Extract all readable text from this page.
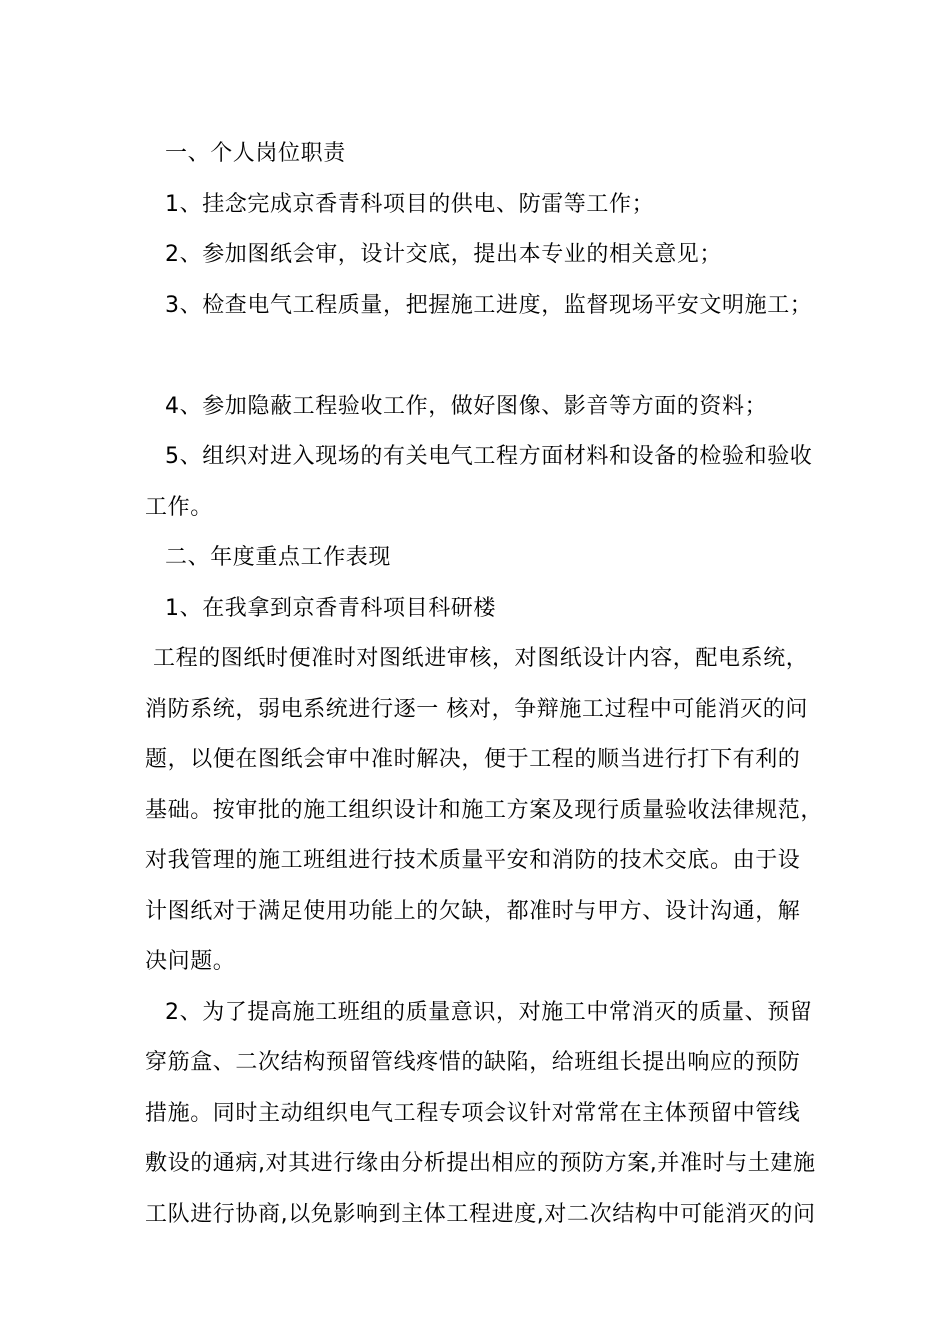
一、个人岗位职责
1、挂念完成京香青科项目的供电、防雷等工作；
2、参加图纸会审，设计交底，提出本专业的相关意见；
3、检查电气工程质量，把握施工进度，监督现场平安文明施工；
4、参加隐蔽工程验收工作，做好图像、影音等方面的资料；
5、组织对进入现场的有关电气工程方面材料和设备的检验和验收
工作。
二、年度重点工作表现
1、在我拿到京香青科项目科研楼
工程的图纸时便准时对图纸进审核，对图纸设计内容，配电系统，
消防系统，弱电系统进行逐一 核对，争辩施工过程中可能消灭的问
题，以便在图纸会审中准时解决，便于工程的顺当进行打下有利的
基础。按审批的施工组织设计和施工方案及现行质量验收法律规范，
对我管理的施工班组进行技术质量平安和消防的技术交底。由于设
计图纸对于满足使用功能上的欠缺，都准时与甲方、设计沟通，解
决问题。
2、为了提高施工班组的质量意识，对施工中常消灭的质量、预留
穿筋盒、二次结构预留管线疼惜的缺陷，给班组长提出响应的预防
措施。同时主动组织电气工程专项会议针对常常在主体预留中管线
敷设的通病,对其进行缘由分析提出相应的预防方案,并准时与土建施
工队进行协商,以免影响到主体工程进度,对二次结构中可能消灭的问
